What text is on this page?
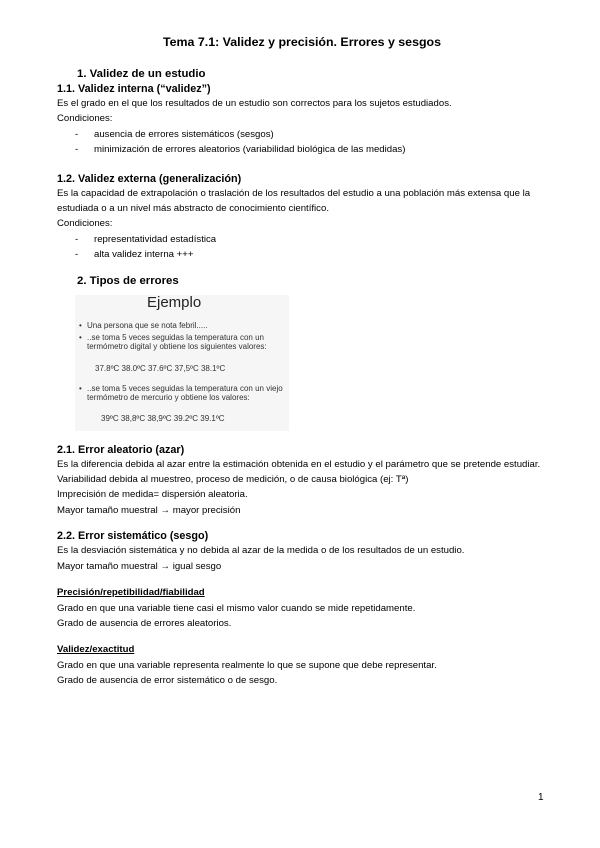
Tema 7.1: Validez y precisión. Errores y sesgos
1. Validez de un estudio
1.1. Validez interna (“validez”)

Es el grado en el que los resultados de un estudio son correctos para los sujetos estudiados.

Condiciones:

- ausencia de errores sistemáticos (sesgos)
- minimización de errores aleatorios (variabilidad biológica de las medidas)
1.2. Validez externa (generalización)

Es la capacidad de extrapolación o traslación de los resultados del estudio a una población más extensa que la estudiada o a un nivel más abstracto de conocimiento científico.

Condiciones:

- representatividad estadística
- alta validez interna +++
2. Tipos de errores
Ejemplo
• Una persona que se nota febril.....
• ..se toma 5 veces seguidas la temperatura con un termómetro digital y obtiene los siguientes valores:
37.8ºC 38.0ºC 37.6ºC 37,5ºC 38.1ºC
• ..se toma 5 veces seguidas la temperatura con un viejo termómetro de mercurio y obtiene los valores:
39ºC 38,8ºC 38,9ºC 39.2ºC 39.1ºC
2.1. Error aleatorio (azar)

Es la diferencia debida al azar entre la estimación obtenida en el estudio y el parámetro que se pretende estudiar.

Variabilidad debida al muestreo, proceso de medición, o de causa biológica (ej: Tª)

Imprecisión de medida= dispersión aleatoria.

Mayor tamaño muestral → mayor precisión

2.2. Error sistemático (sesgo)

Es la desviación sistemática y no debida al azar de la medida o de los resultados de un estudio.

Mayor tamaño muestral → igual sesgo

Precisión/repetibilidad/fiabilidad

Grado en que una variable tiene casi el mismo valor cuando se mide repetidamente.

Grado de ausencia de errores aleatorios.

Validez/exactitud

Grado en que una variable representa realmente lo que se supone que debe representar.

Grado de ausencia de error sistemático o de sesgo.

1
